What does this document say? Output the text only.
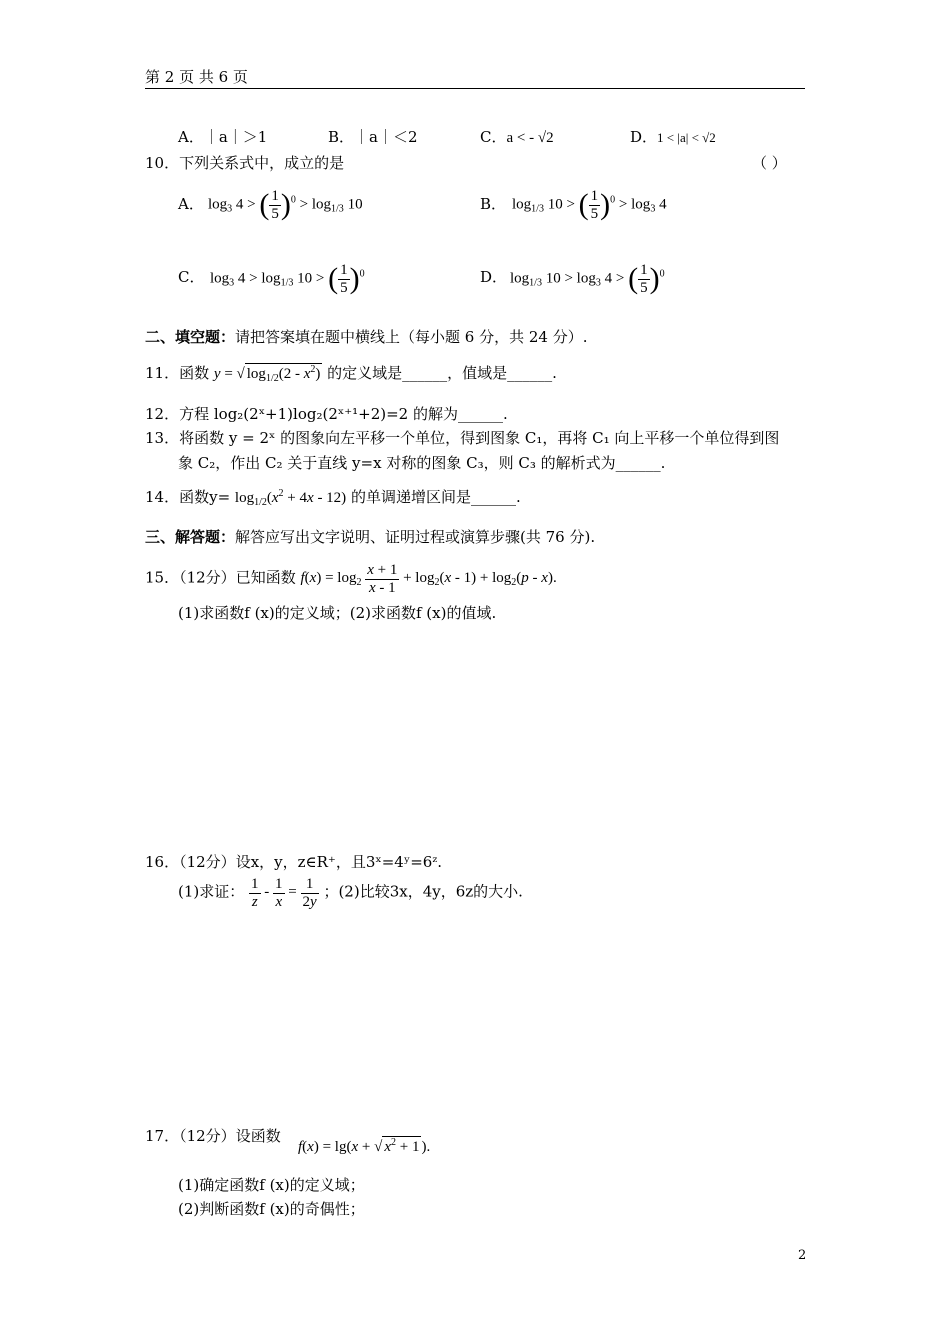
第 2 页 共 6 页
A．｜a｜＞1	B．｜a｜＜2	C．a < - √2	D．1 < |a| < √2
10．下列关系式中，成立的是	（ ）
A． $\log_3 4$ > ( $\frac{1}{5} )^0 > \log_{1/3} 10$	B． $\log_{1/3} 10$ > ( $\frac{1}{5} )^0 > \log_3 4$
C． $\log_3 4 > \log_{1/3} 10$ > ( $\frac{1}{5} )^0$	D． $\log_{1/3} 10 > \log_3 4$ > ( $\frac{1}{5} )^0$
二、填空题：请把答案填在题中横线上（每小题 6 分，共 24 分）.
11．函数 y = √ $\log_{1/2}(2 - x^2)$ 的定义域是______，值域是______.
12．方程 log₂(2ˣ+1)log₂(2ˣ⁺¹+2)=2 的解为______.
13．将函数 y = 2ˣ 的图象向左平移一个单位，得到图象 C₁，再将 C₁ 向上平移一个单位得到图
象 C₂，作出 C₂ 关于直线 y=x 对称的图象 C₃，则 C₃ 的解析式为______.
14．函数$y= \log_{1/2}(x^2 + 4x - 12)$ 的单调递增区间是______.
三、解答题：解答应写出文字说明、证明过程或演算步骤(共 76 分).
15．（12分）已知函数 $f(x) = \log_2 \frac{x + 1}{x - 1} + \log_2(x - 1) + \log_2(p - x)$.
(1)求函数f (x)的定义域；(2)求函数f (x)的值域.
16．（12分）设x，y，z∈R⁺，且3ˣ=4ʸ=6ᶻ.
(1)求证： $\frac{1}{z} - \frac{1}{x} = \frac{1}{2y}$ ；(2)比较3x，4y，6z的大小.
17．（12分）设函数
f(x) = lg(x + √ $x^2 + 1$ ).
(1)确定函数f (x)的定义域；
(2)判断函数f (x)的奇偶性；
2
